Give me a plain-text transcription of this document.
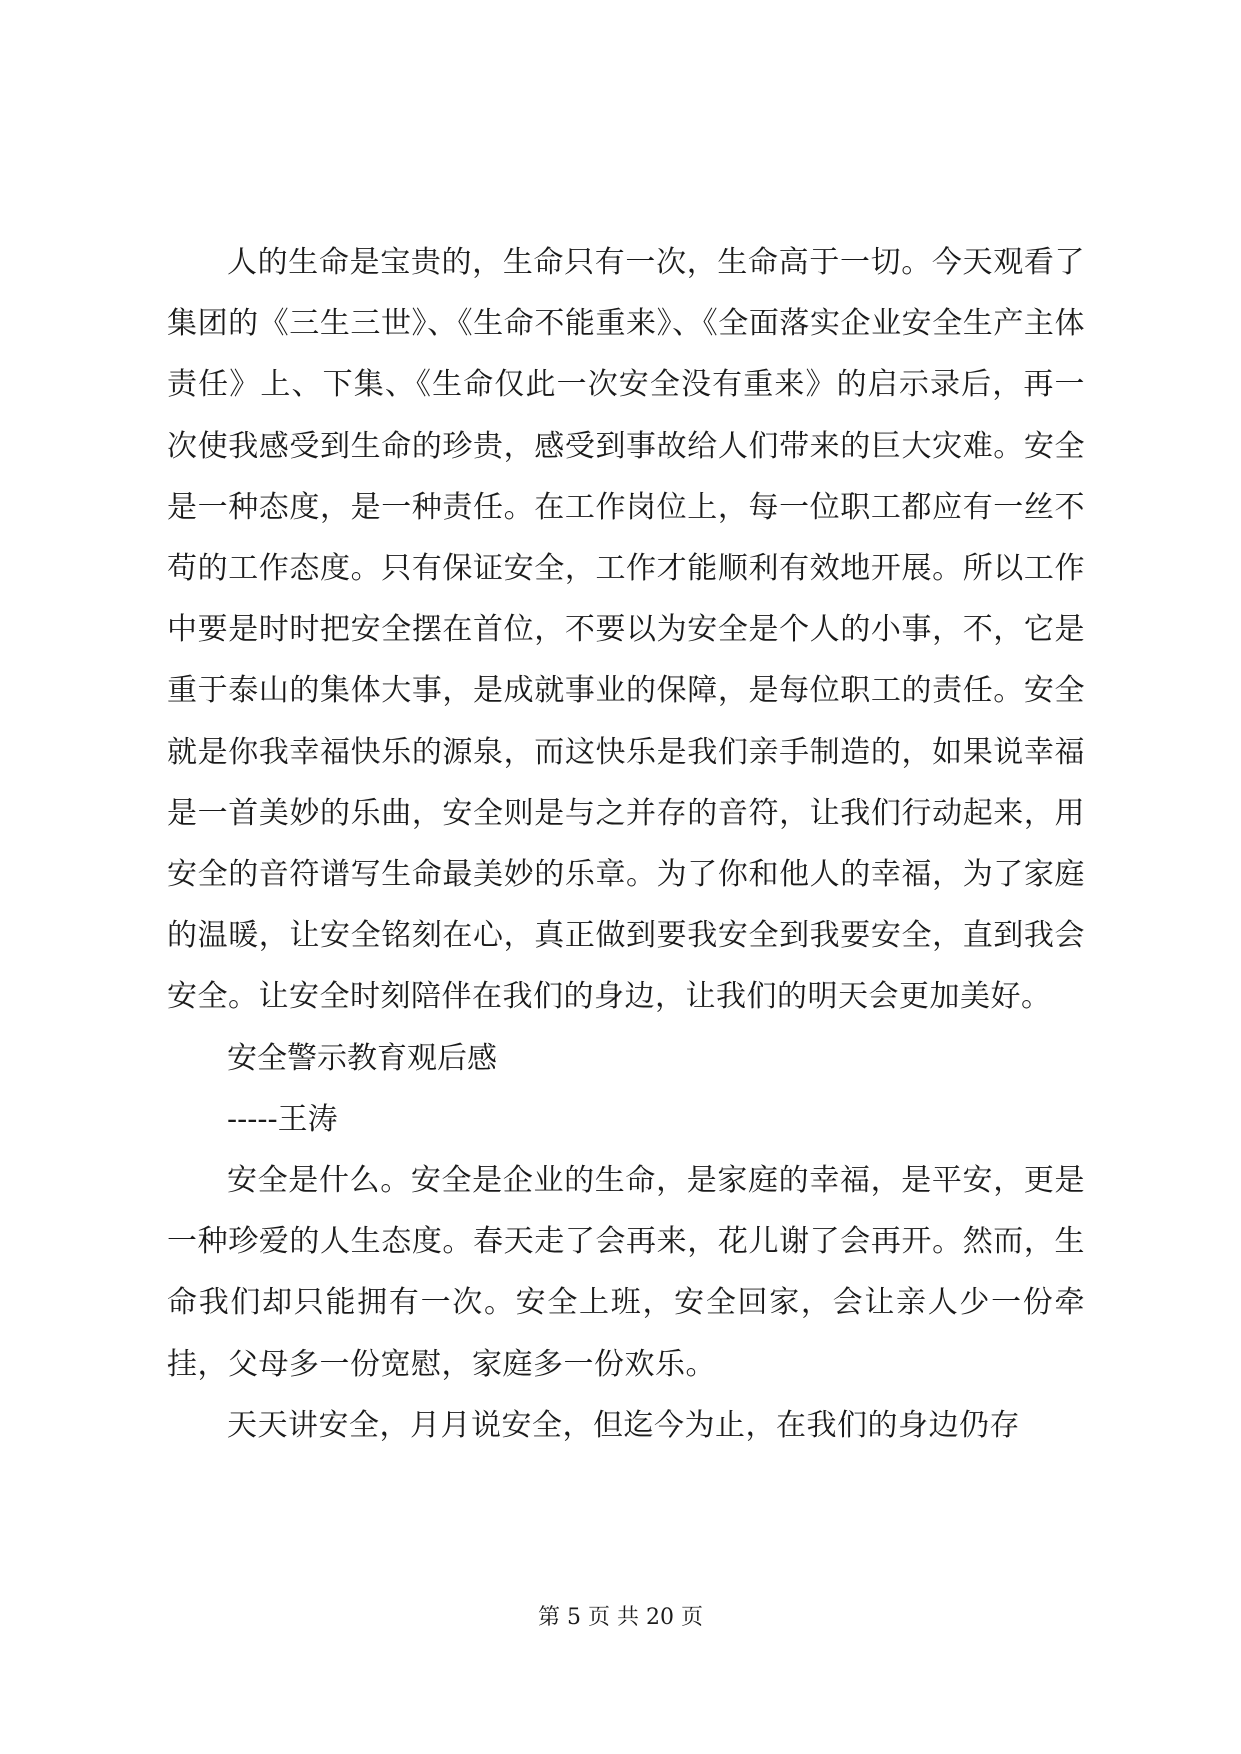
人的生命是宝贵的，生命只有一次，生命高于一切。今天观看了集团的《三生三世》、《生命不能重来》、《全面落实企业安全生产主体责任》上、下集、《生命仅此一次安全没有重来》的启示录后，再一次使我感受到生命的珍贵，感受到事故给人们带来的巨大灾难。安全是一种态度，是一种责任。在工作岗位上，每一位职工都应有一丝不苟的工作态度。只有保证安全，工作才能顺利有效地开展。所以工作中要是时时把安全摆在首位，不要以为安全是个人的小事，不，它是重于泰山的集体大事，是成就事业的保障，是每位职工的责任。安全就是你我幸福快乐的源泉，而这快乐是我们亲手制造的，如果说幸福是一首美妙的乐曲，安全则是与之并存的音符，让我们行动起来，用安全的音符谱写生命最美妙的乐章。为了你和他人的幸福，为了家庭的温暖，让安全铭刻在心，真正做到要我安全到我要安全，直到我会安全。让安全时刻陪伴在我们的身边，让我们的明天会更加美好。

安全警示教育观后感

-----王涛

安全是什么。安全是企业的生命，是家庭的幸福，是平安，更是一种珍爱的人生态度。春天走了会再来，花儿谢了会再开。然而，生命我们却只能拥有一次。安全上班，安全回家，会让亲人少一份牵挂，父母多一份宽慰，家庭多一份欢乐。

天天讲安全，月月说安全，但迄今为止，在我们的身边仍存

第 5 页 共 20 页
